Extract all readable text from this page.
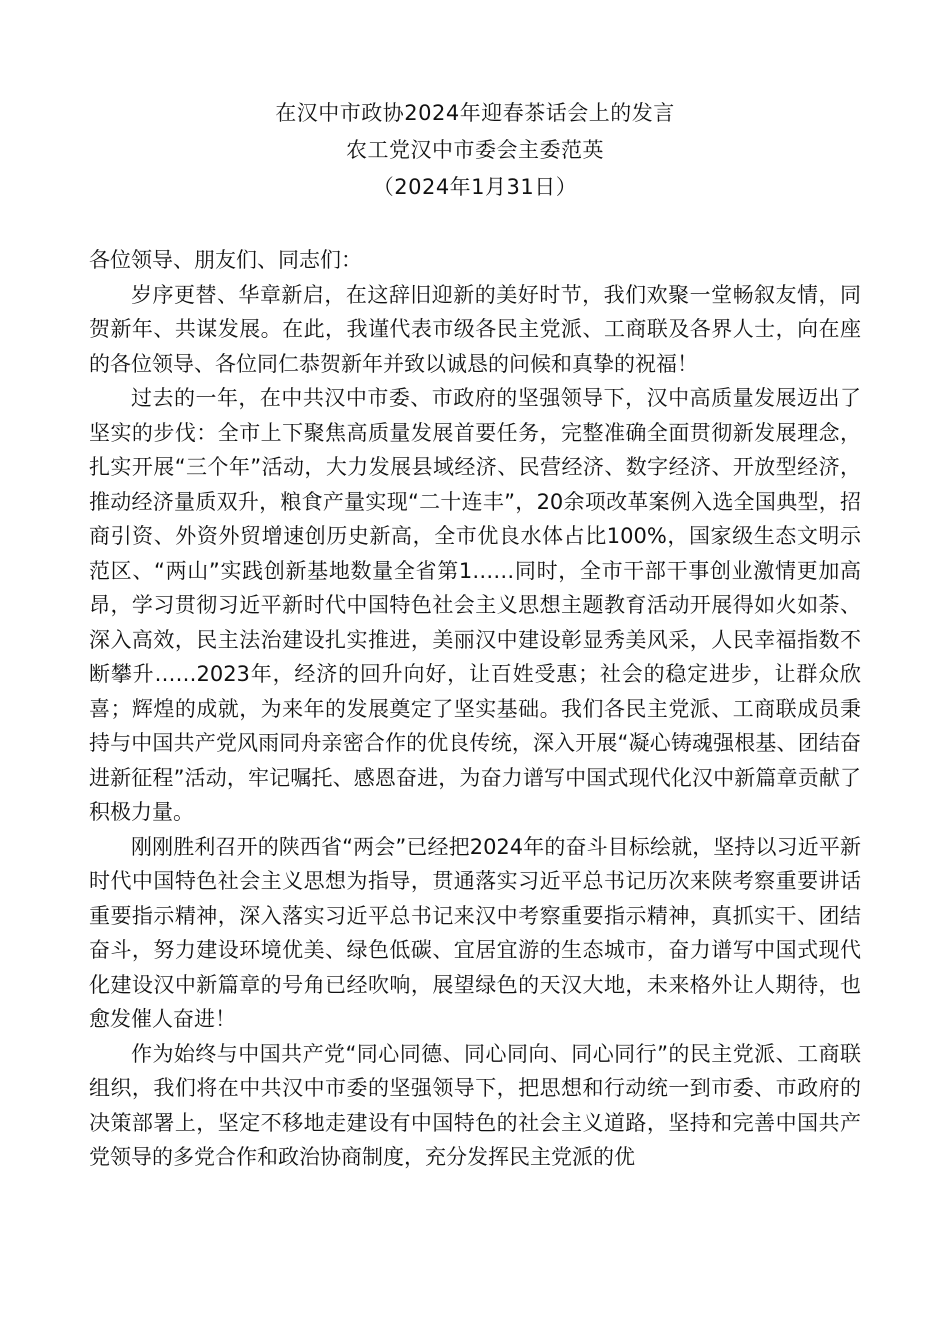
在汉中市政协2024年迎春茶话会上的发言
农工党汉中市委会主委范英
（2024年1月31日）

各位领导、朋友们、同志们：

岁序更替、华章新启，在这辞旧迎新的美好时节，我们欢聚一堂畅叙友情，同贺新年、共谋发展。在此，我谨代表市级各民主党派、工商联及各界人士，向在座的各位领导、各位同仁恭贺新年并致以诚恳的问候和真挚的祝福！

过去的一年，在中共汉中市委、市政府的坚强领导下，汉中高质量发展迈出了坚实的步伐：全市上下聚焦高质量发展首要任务，完整准确全面贯彻新发展理念，扎实开展“三个年”活动，大力发展县域经济、民营经济、数字经济、开放型经济，推动经济量质双升，粮食产量实现“二十连丰”，20余项改革案例入选全国典型，招商引资、外资外贸增速创历史新高，全市优良水体占比100%，国家级生态文明示范区、“两山”实践创新基地数量全省第1……同时，全市干部干事创业激情更加高昂，学习贯彻习近平新时代中国特色社会主义思想主题教育活动开展得如火如荼、深入高效，民主法治建设扎实推进，美丽汉中建设彰显秀美风采，人民幸福指数不断攀升……2023年，经济的回升向好，让百姓受惠；社会的稳定进步，让群众欣喜；辉煌的成就，为来年的发展奠定了坚实基础。我们各民主党派、工商联成员秉持与中国共产党风雨同舟亲密合作的优良传统，深入开展“凝心铸魂强根基、团结奋进新征程”活动，牢记嘱托、感恩奋进，为奋力谱写中国式现代化汉中新篇章贡献了积极力量。

刚刚胜利召开的陕西省“两会”已经把2024年的奋斗目标绘就，坚持以习近平新时代中国特色社会主义思想为指导，贯通落实习近平总书记历次来陕考察重要讲话重要指示精神，深入落实习近平总书记来汉中考察重要指示精神，真抓实干、团结奋斗，努力建设环境优美、绿色低碳、宜居宜游的生态城市，奋力谱写中国式现代化建设汉中新篇章的号角已经吹响，展望绿色的天汉大地，未来格外让人期待，也愈发催人奋进！

作为始终与中国共产党“同心同德、同心同向、同心同行”的民主党派、工商联组织，我们将在中共汉中市委的坚强领导下，把思想和行动统一到市委、市政府的决策部署上，坚定不移地走建设有中国特色的社会主义道路，坚持和完善中国共产党领导的多党合作和政治协商制度，充分发挥民主党派的优
